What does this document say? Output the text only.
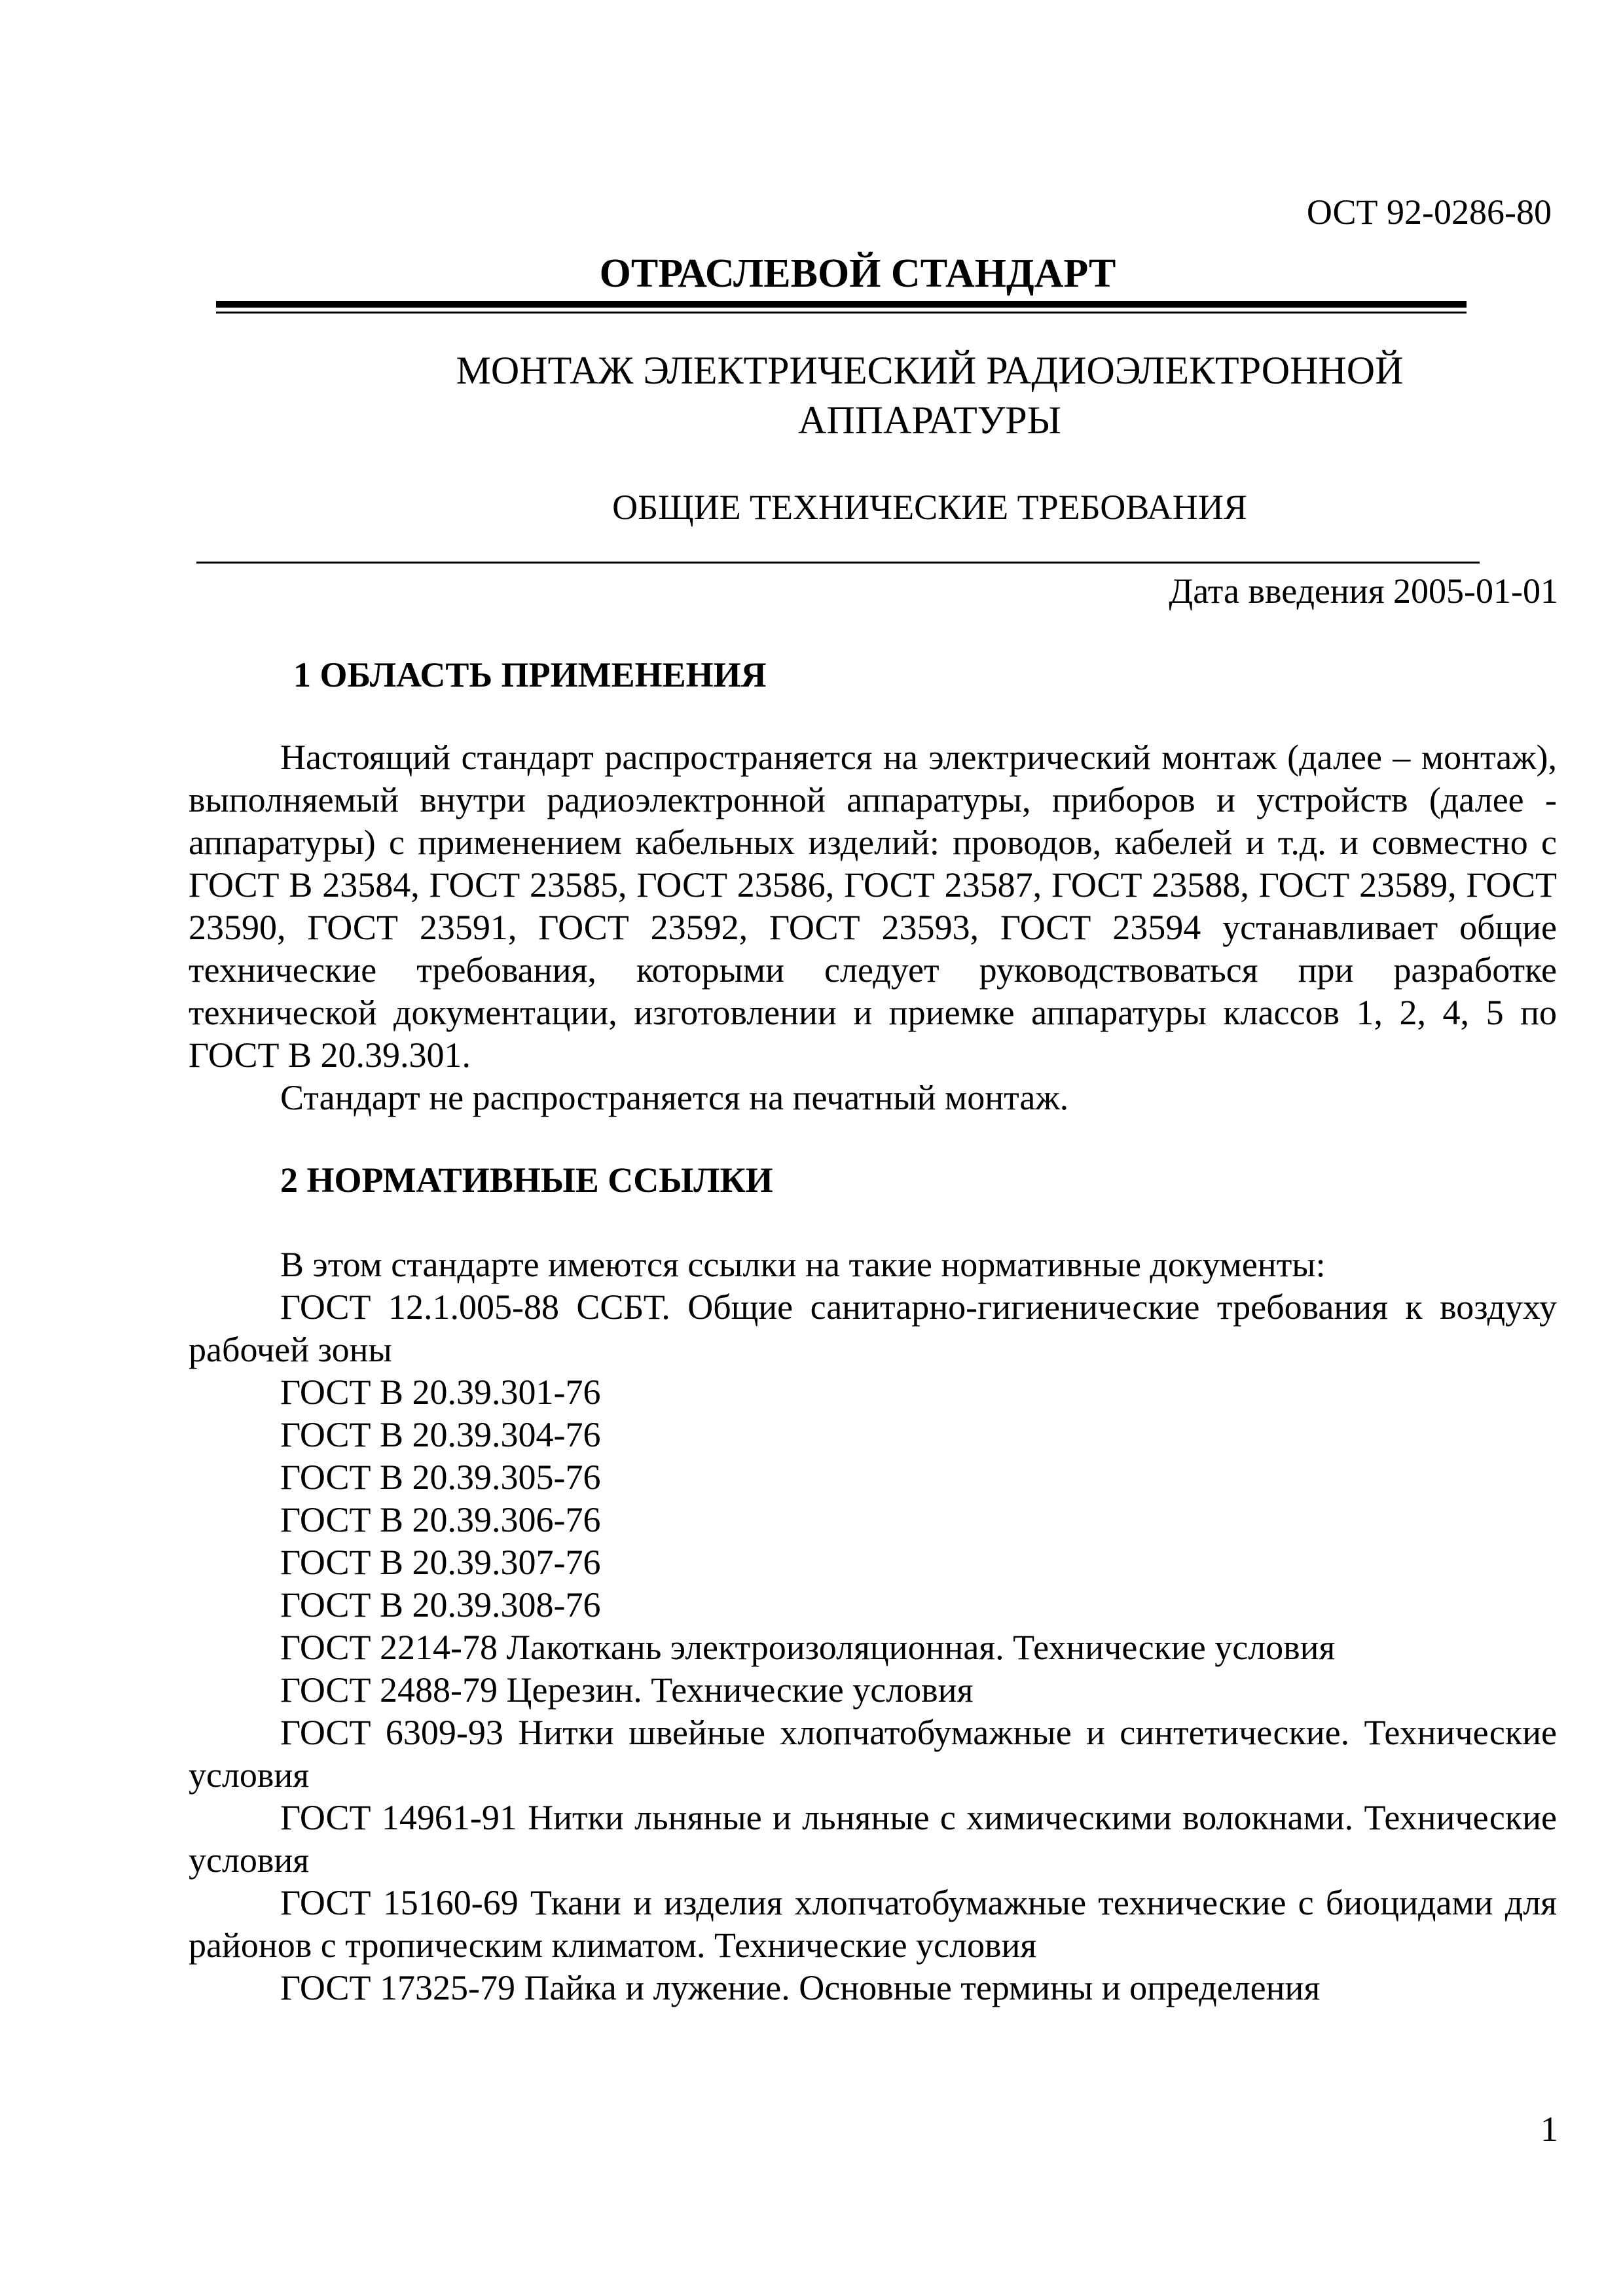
ОСТ 92-0286-80
ОТРАСЛЕВОЙ СТАНДАРТ
МОНТАЖ ЭЛЕКТРИЧЕСКИЙ РАДИОЭЛЕКТРОННОЙ
АППАРАТУРЫ
ОБЩИЕ ТЕХНИЧЕСКИЕ ТРЕБОВАНИЯ
Дата введения 2005-01-01
1 ОБЛАСТЬ ПРИМЕНЕНИЯ

Настоящий стандарт распространяется на электрический монтаж (далее – монтаж), выполняемый внутри радиоэлектронной аппаратуры, приборов и устройств (далее - аппаратуры) с применением кабельных изделий: проводов, кабелей и т.д. и совместно с ГОСТ В 23584, ГОСТ 23585, ГОСТ 23586, ГОСТ 23587, ГОСТ 23588, ГОСТ 23589, ГОСТ 23590, ГОСТ 23591, ГОСТ 23592, ГОСТ 23593, ГОСТ 23594 устанавливает общие технические требования, которыми следует руководствоваться при разработке технической документации, изготовлении и приемке аппаратуры классов 1, 2, 4, 5 по ГОСТ В 20.39.301.

Стандарт не распространяется на печатный монтаж.

2 НОРМАТИВНЫЕ ССЫЛКИ
В этом стандарте имеются ссылки на такие нормативные документы:
ГОСТ 12.1.005-88 ССБТ. Общие санитарно-гигиенические требования к воздуху рабочей зоны
ГОСТ В 20.39.301-76
ГОСТ В 20.39.304-76
ГОСТ В 20.39.305-76
ГОСТ В 20.39.306-76
ГОСТ В 20.39.307-76
ГОСТ В 20.39.308-76
ГОСТ 2214-78 Лакоткань электроизоляционная. Технические условия
ГОСТ 2488-79 Церезин. Технические условия
ГОСТ 6309-93 Нитки швейные хлопчатобумажные и синтетические. Технические условия
ГОСТ 14961-91 Нитки льняные и льняные с химическими волокнами. Технические условия
ГОСТ 15160-69 Ткани и изделия хлопчатобумажные технические с биоцидами для районов с тропическим климатом. Технические условия
ГОСТ 17325-79 Пайка и лужение. Основные термины и определения
1
